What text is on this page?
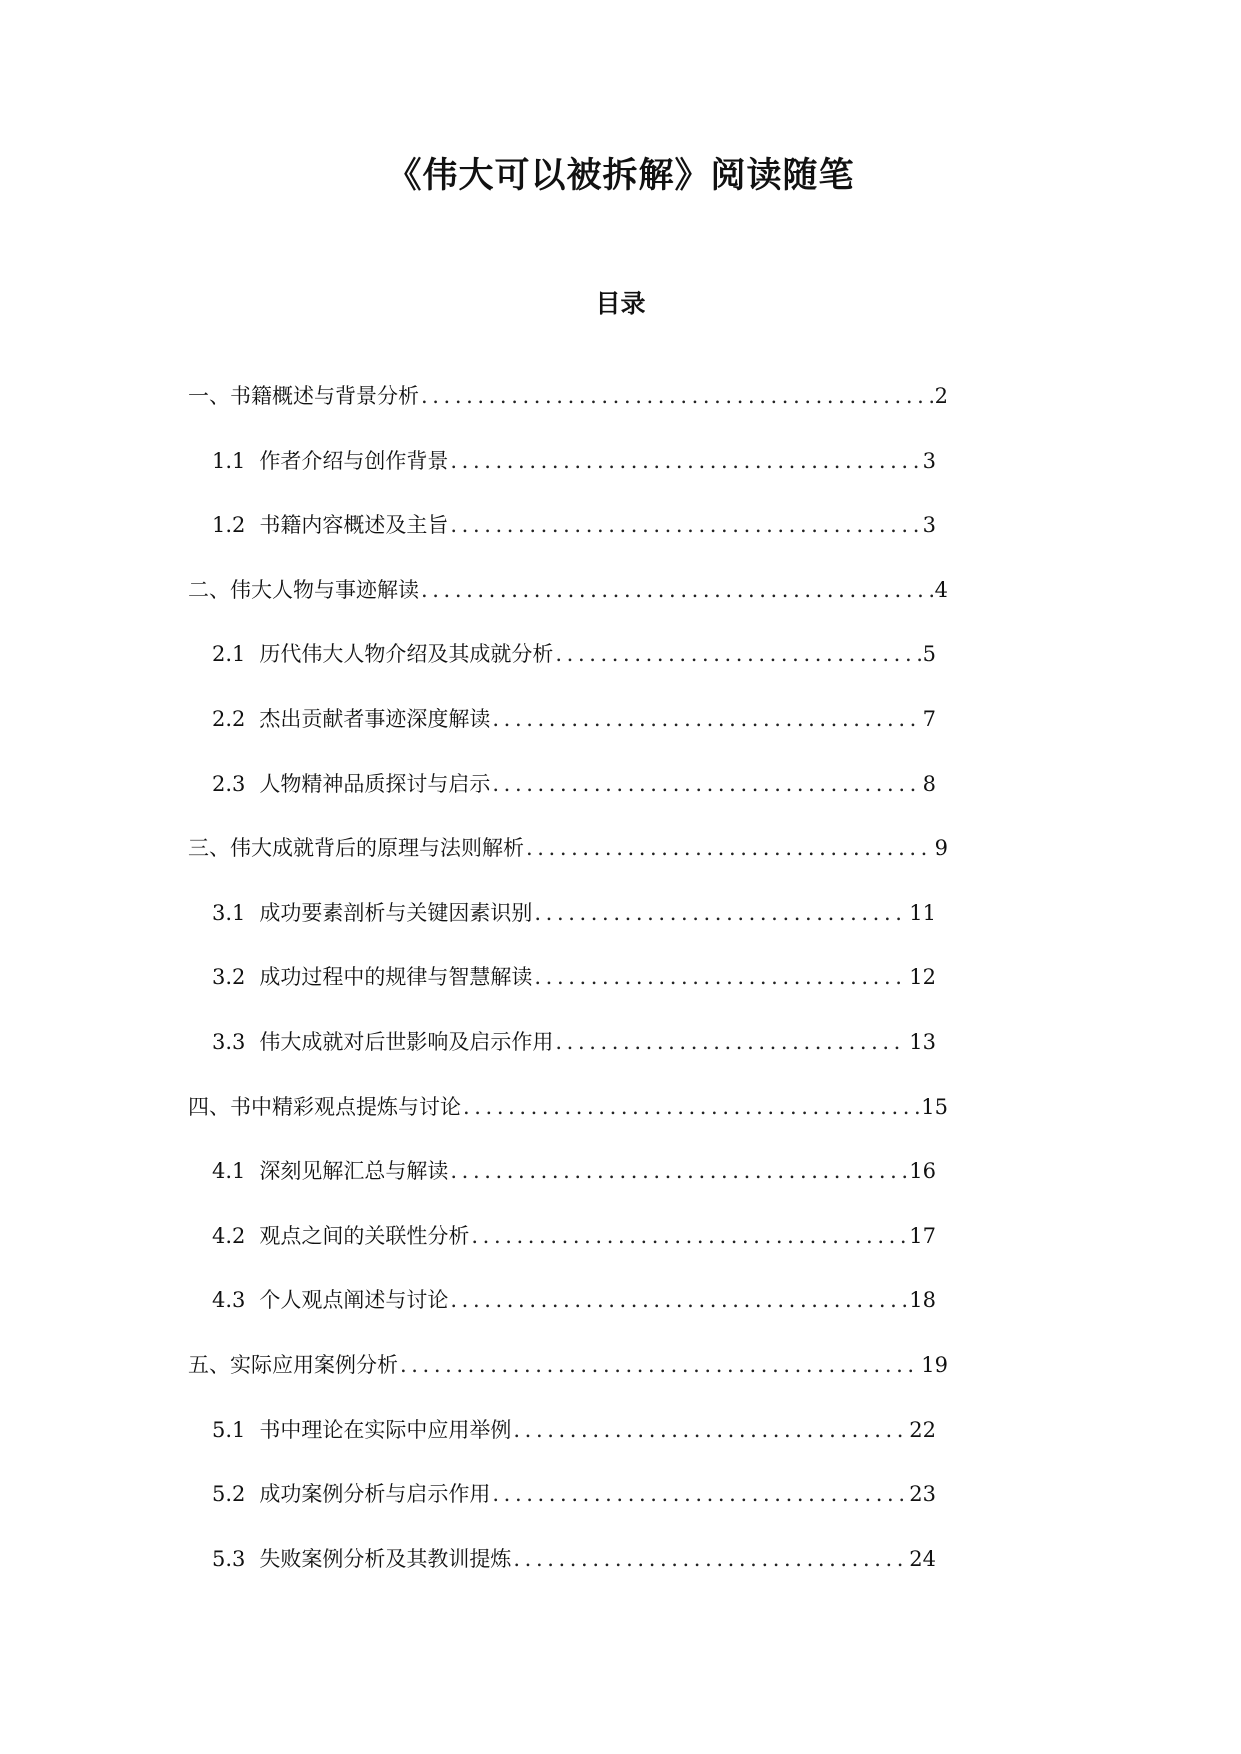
《伟大可以被拆解》阅读随笔
目录
一、书籍概述与背景分析 .....	2
1.1 作者介绍与创作背景 .....	3
1.2 书籍内容概述及主旨 .....	3
二、伟大人物与事迹解读 .....	4
2.1 历代伟大人物介绍及其成就分析 .....	5
2.2 杰出贡献者事迹深度解读 .....	7
2.3 人物精神品质探讨与启示 .....	8
三、伟大成就背后的原理与法则解析 .....	9
3.1 成功要素剖析与关键因素识别 .....	11
3.2 成功过程中的规律与智慧解读 .....	12
3.3 伟大成就对后世影响及启示作用 .....	13
四、书中精彩观点提炼与讨论 .....	15
4.1 深刻见解汇总与解读 .....	16
4.2 观点之间的关联性分析 .....	17
4.3 个人观点阐述与讨论 .....	18
五、实际应用案例分析 .....	19
5.1 书中理论在实际中应用举例 .....	22
5.2 成功案例分析与启示作用 .....	23
5.3 失败案例分析及其教训提炼 .....	24
